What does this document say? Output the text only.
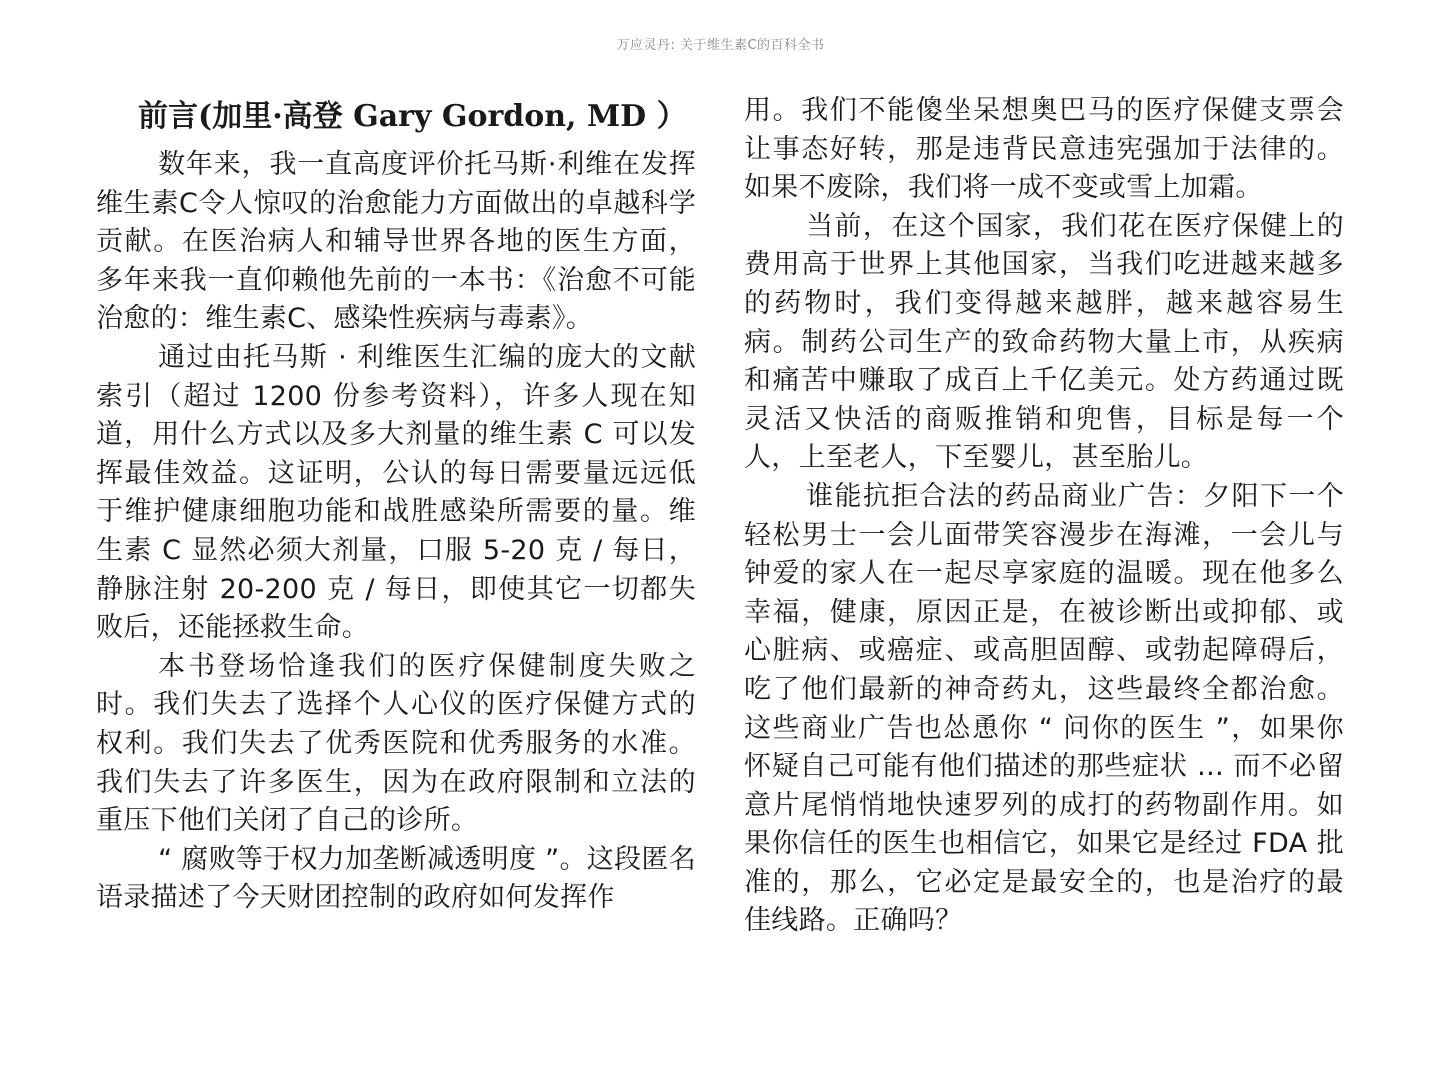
万应灵丹: 关于维生素C的百科全书
前言(加里·高登 Gary Gordon, MD ）

数年来，我一直高度评价托马斯·利维在发挥维生素C令人惊叹的治愈能力方面做出的卓越科学贡献。在医治病人和辅导世界各地的医生方面，多年来我一直仰赖他先前的一本书：《治愈不可能治愈的：维生素C、感染性疾病与毒素》。

通过由托马斯 · 利维医生汇编的庞大的文献索引（超过 1200 份参考资料），许多人现在知道，用什么方式以及多大剂量的维生素 C 可以发挥最佳效益。这证明，公认的每日需要量远远低于维护健康细胞功能和战胜感染所需要的量。维生素 C 显然必须大剂量，口服 5-20 克 / 每日，静脉注射 20-200 克 / 每日，即使其它一切都失败后，还能拯救生命。

本书登场恰逢我们的医疗保健制度失败之时。我们失去了选择个人心仪的医疗保健方式的权利。我们失去了优秀医院和优秀服务的水准。我们失去了许多医生，因为在政府限制和立法的重压下他们关闭了自己的诊所。

“ 腐败等于权力加垄断减透明度 ”。这段匿名语录描述了今天财团控制的政府如何发挥作

用。我们不能傻坐呆想奥巴马的医疗保健支票会让事态好转，那是违背民意违宪强加于法律的。如果不废除，我们将一成不变或雪上加霜。

当前，在这个国家，我们花在医疗保健上的费用高于世界上其他国家，当我们吃进越来越多的药物时，我们变得越来越胖，越来越容易生病。制药公司生产的致命药物大量上市，从疾病和痛苦中赚取了成百上千亿美元。处方药通过既灵活又快活的商贩推销和兜售，目标是每一个人，上至老人，下至婴儿，甚至胎儿。

谁能抗拒合法的药品商业广告：夕阳下一个轻松男士一会儿面带笑容漫步在海滩，一会儿与钟爱的家人在一起尽享家庭的温暖。现在他多么幸福，健康，原因正是，在被诊断出或抑郁、或心脏病、或癌症、或高胆固醇、或勃起障碍后，吃了他们最新的神奇药丸，这些最终全都治愈。这些商业广告也怂恿你 “ 问你的医生 ”，如果你怀疑自己可能有他们描述的那些症状 … 而不必留意片尾悄悄地快速罗列的成打的药物副作用。如果你信任的医生也相信它，如果它是经过 FDA 批准的，那么，它必定是最安全的，也是治疗的最佳线路。正确吗？
